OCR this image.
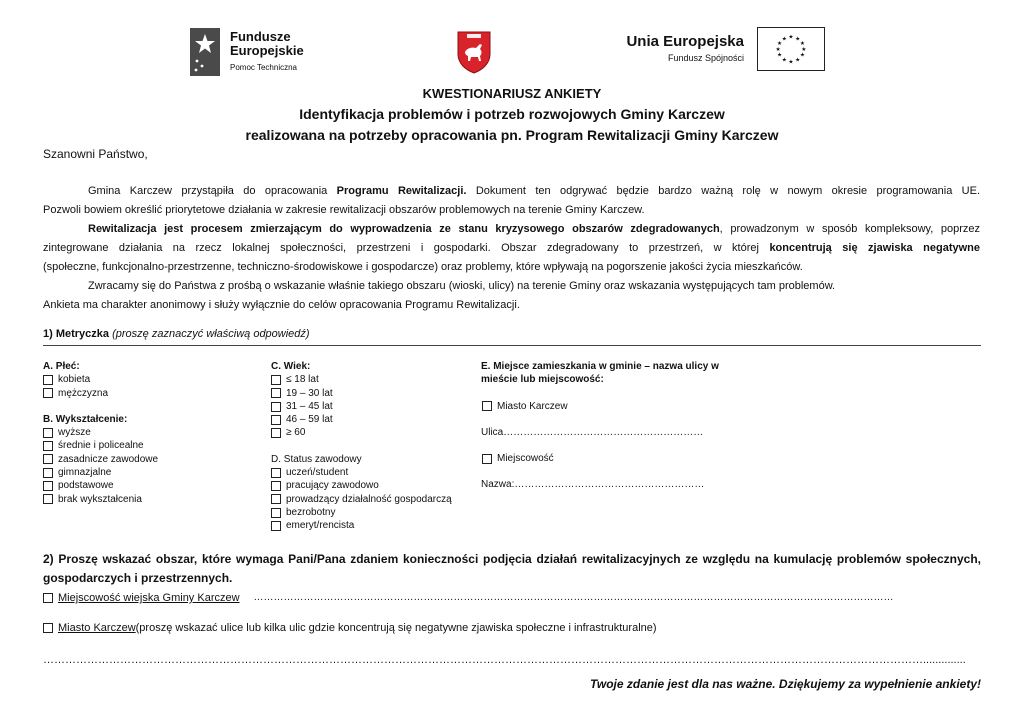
Fundusze
Europejskie
Pomoc Techniczna
Unia Europejska
Fundusz Spójności
★ ★
★
★
★
★
★
★
★
★
★
★
KWESTIONARIUSZ ANKIETY
Identyfikacja problemów i potrzeb rozwojowych Gminy Karczew
realizowana na potrzeby opracowania pn. Program Rewitalizacji Gminy Karczew
Szanowni Państwo,

Gmina Karczew przystąpiła do opracowania Programu Rewitalizacji. Dokument ten odgrywać będzie bardzo ważną rolę w nowym okresie programowania UE.

Pozwoli bowiem określić priorytetowe działania w zakresie rewitalizacji obszarów problemowych na terenie Gminy Karczew.

Rewitalizacja jest procesem zmierzającym do wyprowadzenia ze stanu kryzysowego obszarów zdegradowanych, prowadzonym w sposób kompleksowy, poprzez

zintegrowane działania na rzecz lokalnej społeczności, przestrzeni i gospodarki. Obszar zdegradowany to przestrzeń, w której koncentrują się zjawiska negatywne

(społeczne, funkcjonalno-przestrzenne, techniczno-środowiskowe i gospodarcze) oraz problemy, które wpływają na pogorszenie jakości życia mieszkańców.

Zwracamy się do Państwa z prośbą o wskazanie właśnie takiego obszaru (wioski, ulicy) na terenie Gminy oraz wskazania występujących tam problemów.

Ankieta ma charakter anonimowy i służy wyłącznie do celów opracowania Programu Rewitalizacji.

1) Metryczka (proszę zaznaczyć właściwą odpowiedź)
A. Płeć:
kobieta
mężczyzna
B. Wykształcenie:
wyższe
średnie i policealne
zasadnicze zawodowe
gimnazjalne
podstawowe
brak wykształcenia
C. Wiek:
≤ 18 lat
19 – 30 lat
31 – 45 lat
46 – 59 lat
≥ 60
D. Status zawodowy
uczeń/student
pracujący zawodowo
prowadzący działalność gospodarczą
bezrobotny
emeryt/rencista
E. Miejsce zamieszkania w gminie – nazwa ulicy w
mieście lub miejscowość:
Miasto Karczew
Ulica……………………………………………………
Miejscowość
Nazwa:…………………………………………………
2) Proszę wskazać obszar, które wymaga Pani/Pana zdaniem konieczności podjęcia działań rewitalizacyjnych ze względu na kumulację problemów społecznych,
gospodarczych i przestrzennych.
Miejscowość wiejska Gminy Karczew …………………………………………………………………………………………………………………………………………………………………………
Miasto Karczew (proszę wskazać ulice lub kilka ulic gdzie koncentrują się negatywne zjawiska społeczne i infrastrukturalne)
……………………………………………………………………………………………………………………………………………………………………………………………………………………..............
Twoje zdanie jest dla nas ważne. Dziękujemy za wypełnienie ankiety!
